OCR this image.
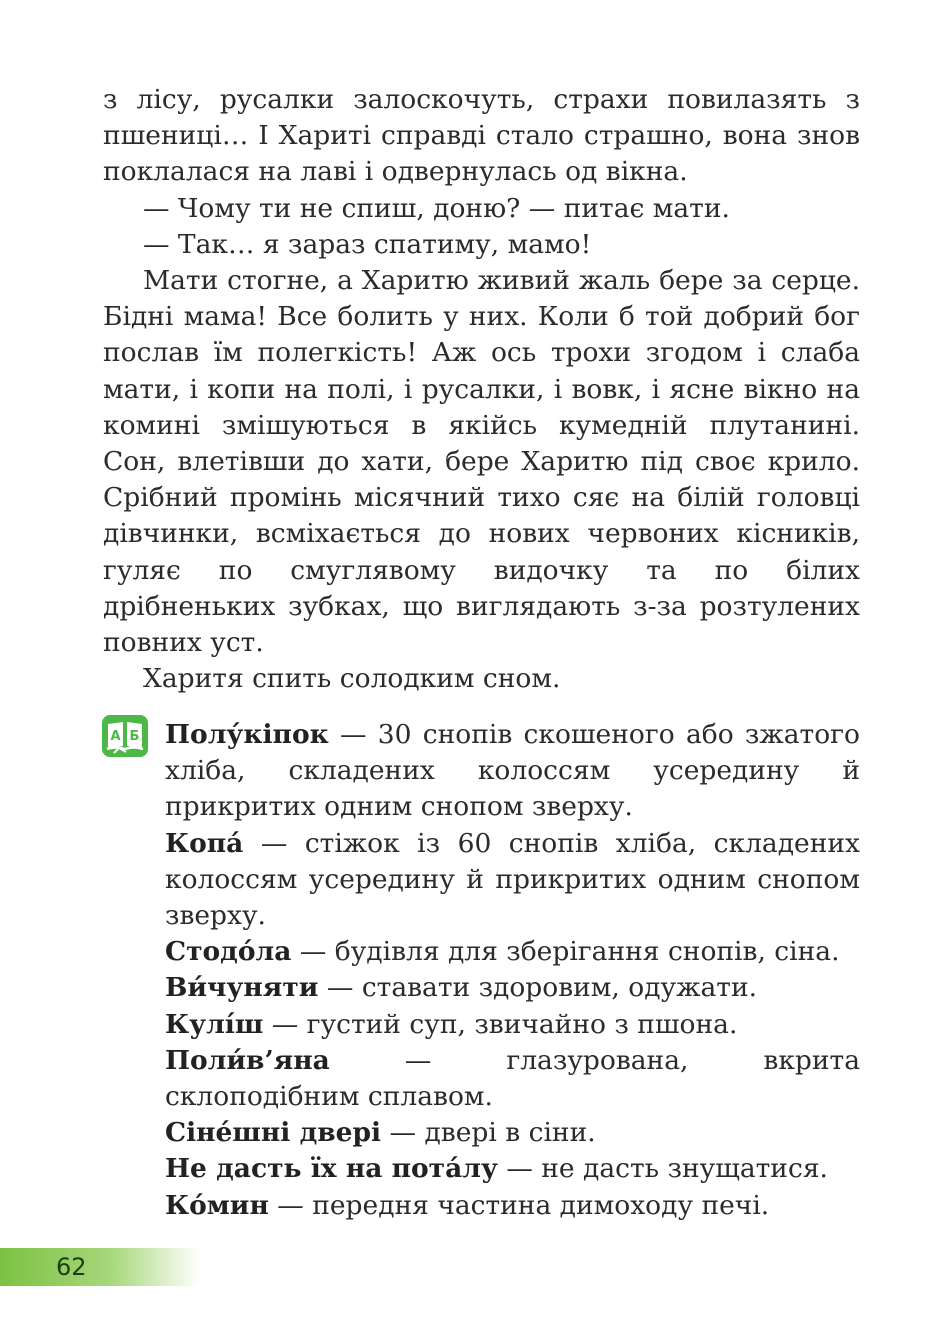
з лісу, русалки залоскочуть, страхи повилазять з пшениці… І Хариті справді стало страшно, вона знов поклалася на лаві і одвернулась од вікна.

— Чому ти не спиш, доню? — питає мати.

— Так… я зараз спатиму, мамо!

Мати стогне, а Харитю живий жаль бере за серце. Бідні мама! Все болить у них. Коли б той добрий бог послав їм полегкість! Аж ось трохи згодом і слаба мати, і копи на полі, і русалки, і вовк, і ясне вікно на комині змішуються в якійсь кумедній плутанині. Сон, влетівши до хати, бере Харитю під своє крило. Срібний промінь місячний тихо сяє на білій головці дівчинки, всміхається до нових червоних кісників, гуляє по смуглявому видочку та по білих дрібненьких зубках, що виглядають з-за розтулених повних уст.

Харитя спить солодким сном.

А Б Полу́кіпок — 30 снопів скошеного або зжатого хліба, складених колоссям усередину й прикритих одним снопом зверху.

Копа́ — стіжок із 60 снопів хліба, складених колоссям усередину й прикритих одним снопом зверху.

Стодо́ла — будівля для зберігання снопів, сіна.

Ви́чуняти — ставати здоровим, одужати.

Кулі́ш — густий суп, звичайно з пшона.

Поли́в’яна — глазурована, вкрита склоподібним сплавом.

Сіне́шні двері — двері в сіни.

Не дасть їх на пота́лу — не дасть знущатися.

Ко́мин — передня частина димоходу печі.

62
